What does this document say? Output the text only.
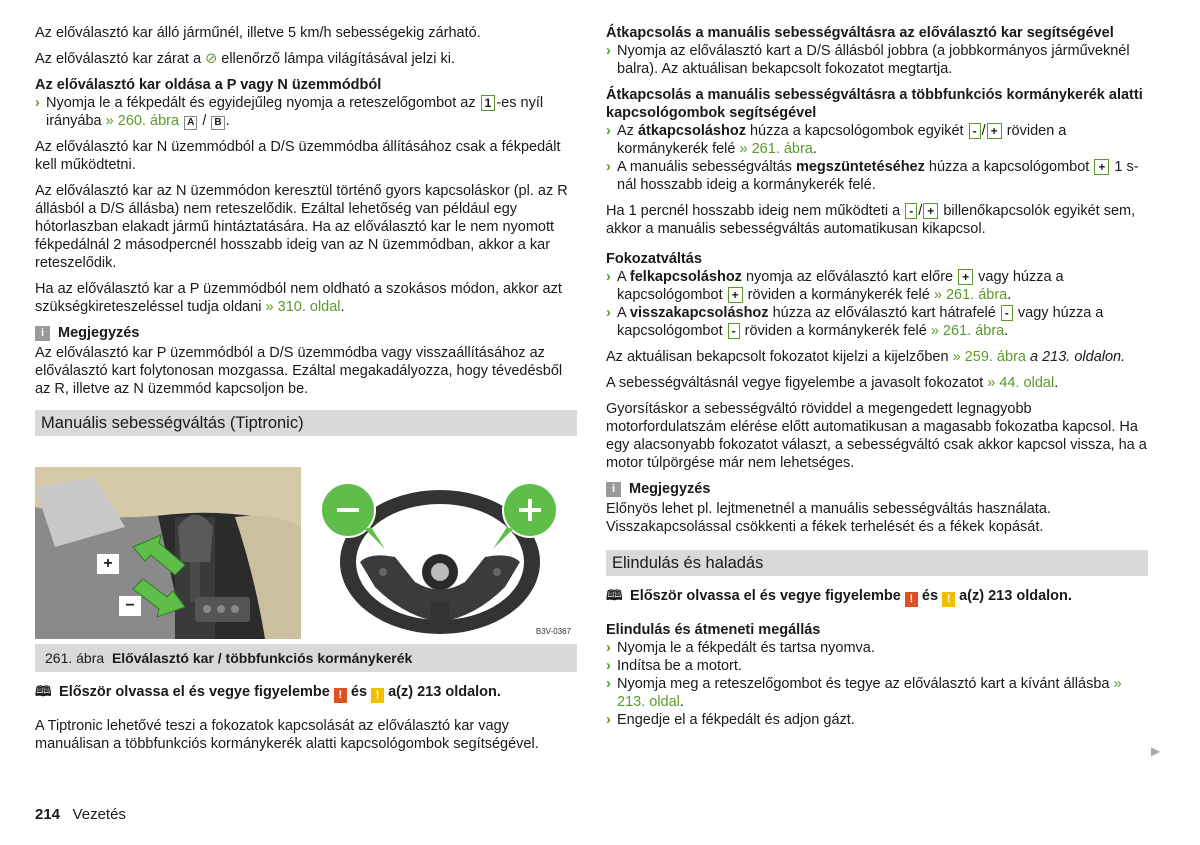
Az előválasztó kar álló járműnél, illetve 5 km/h sebességekig zárható.

Az előválasztó kar zárat a ⊘ ellenőrző lámpa világításával jelzi ki.

Az előválasztó kar oldása a P vagy N üzemmódból

› Nyomja le a fékpedált és egyidejűleg nyomja a reteszelőgombot az 1 -es nyíl irányába » 260. ábra A / B .

Az előválasztó kar N üzemmódból a D/S üzemmódba állításához csak a fékpedált kell működtetni.

Az előválasztó kar az N üzemmódon keresztül történő gyors kapcsoláskor (pl. az R állásból a D/S állásba) nem reteszelődik. Ezáltal lehetőség van például egy hótorlaszban elakadt jármű hintáztatására. Ha az előválasztó kar le nem nyomott fékpedálnál 2 másodpercnél hosszabb ideig van az N üzemmódban, akkor a kar reteszelődik.

Ha az előválasztó kar a P üzemmódból nem oldható a szokásos módon, akkor azt szükségkireteszeléssel tudja oldani » 310. oldal.

i Megjegyzés

Az előválasztó kar P üzemmódból a D/S üzemmódba vagy visszaállításához az előválasztó kart folytonosan mozgassa. Ezáltal megakadályozza, hogy tévedésből az R, illetve az N üzemmód kapcsoljon be.

Manuális sebességváltás (Tiptronic)
+
−
B3V-0367
261. ábra Előválasztó kar / többfunkciós kormánykerék

🕮 Először olvassa el és vegye figyelembe ! és ! a(z) 213 oldalon.

A Tiptronic lehetővé teszi a fokozatok kapcsolását az előválasztó kar vagy manuálisan a többfunkciós kormánykerék alatti kapcsológombok segítségével.

Átkapcsolás a manuális sebességváltásra az előválasztó kar segítségével

› Nyomja az előválasztó kart a D/S állásból jobbra (a jobbkormányos járműveknél balra). Az aktuálisan bekapcsolt fokozatot megtartja.

Átkapcsolás a manuális sebességváltásra a többfunkciós kormánykerék alatti kapcsológombok segítségével

› Az átkapcsoláshoz húzza a kapcsológombok egyikét - / + röviden a kormánykerék felé » 261. ábra.

› A manuális sebességváltás megszüntetéséhez húzza a kapcsológombot + 1 s-nál hosszabb ideig a kormánykerék felé.

Ha 1 percnél hosszabb ideig nem működteti a - / + billenőkapcsolók egyikét sem, akkor a manuális sebességváltás automatikusan kikapcsol.

Fokozatváltás

› A felkapcsoláshoz nyomja az előválasztó kart előre + vagy húzza a kapcsológombot + röviden a kormánykerék felé » 261. ábra.

› A visszakapcsoláshoz húzza az előválasztó kart hátrafelé - vagy húzza a kapcsológombot - röviden a kormánykerék felé » 261. ábra.

Az aktuálisan bekapcsolt fokozatot kijelzi a kijelzőben » 259. ábra a 213. oldalon.

A sebességváltásnál vegye figyelembe a javasolt fokozatot » 44. oldal.

Gyorsításkor a sebességváltó röviddel a megengedett legnagyobb motorfordulatszám elérése előtt automatikusan a magasabb fokozatba kapcsol. Ha egy alacsonyabb fokozatot választ, a sebességváltó csak akkor kapcsol vissza, ha a motor túlpörgése már nem lehetséges.

i Megjegyzés

Előnyös lehet pl. lejtmenetnél a manuális sebességváltás használata. Visszakapcsolással csökkenti a fékek terhelését és a fékek kopását.

Elindulás és haladás

🕮 Először olvassa el és vegye figyelembe ! és ! a(z) 213 oldalon.

Elindulás és átmeneti megállás

› Nyomja le a fékpedált és tartsa nyomva.

› Indítsa be a motort.

› Nyomja meg a reteszelőgombot és tegye az előválasztó kart a kívánt állásba » 213. oldal.

› Engedje el a fékpedált és adjon gázt.

▶
214 Vezetés
